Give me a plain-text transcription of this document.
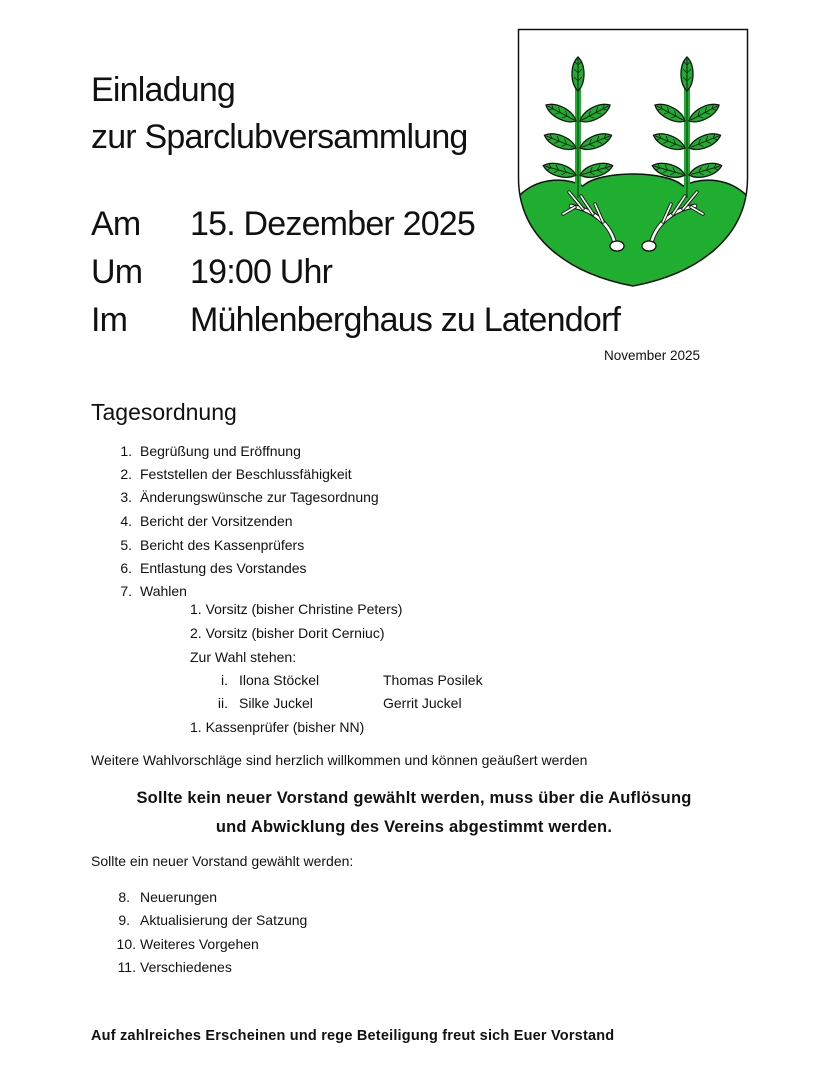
Einladung
zur Sparclubversammlung
Am 15. Dezember 2025
Um 19:00 Uhr
Im Mühlenberghaus zu Latendorf
November 2025
Tagesordnung
1. Begrüßung und Eröffnung
2. Feststellen der Beschlussfähigkeit
3. Änderungswünsche zur Tagesordnung
4. Bericht der Vorsitzenden
5. Bericht des Kassenprüfers
6. Entlastung des Vorstandes
7. Wahlen
1. Vorsitz (bisher Christine Peters)
2. Vorsitz (bisher Dorit Cerniuc)
Zur Wahl stehen:
i. Ilona Stöckel	Thomas Posilek
ii. Silke Juckel	Gerrit Juckel
1. Kassenprüfer (bisher NN)
Weitere Wahlvorschläge sind herzlich willkommen und können geäußert werden
Sollte kein neuer Vorstand gewählt werden, muss über die Auflösung
und Abwicklung des Vereins abgestimmt werden.
Sollte ein neuer Vorstand gewählt werden:
8. Neuerungen
9. Aktualisierung der Satzung
10. Weiteres Vorgehen
11. Verschiedenes
Auf zahlreiches Erscheinen und rege Beteiligung freut sich Euer Vorstand
